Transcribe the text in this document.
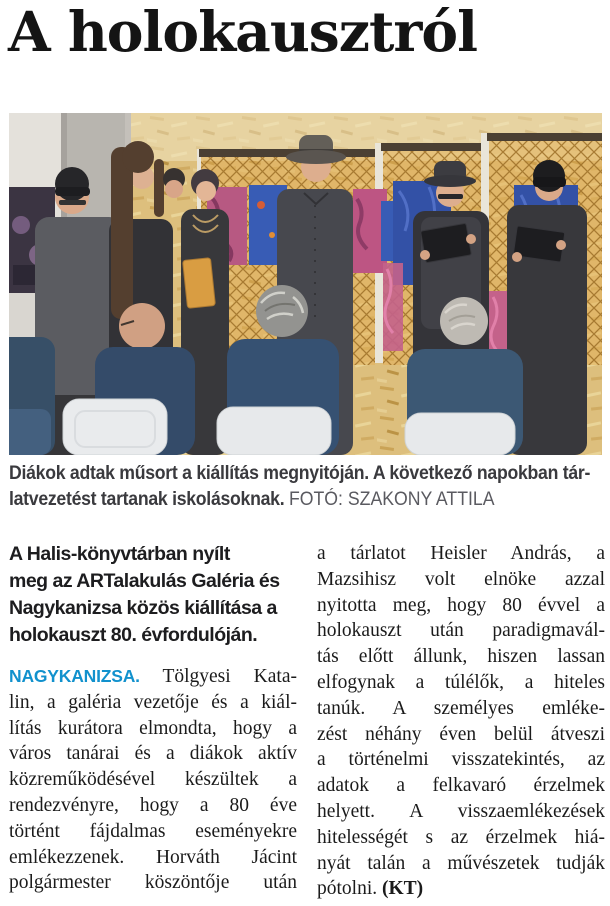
A holokausztról
Diákok adtak műsort a kiállítás megnyitóján. A következő napokban tár-
latvezetést tartanak iskolásoknak. FOTÓ: SZAKONY ATTILA
A Halis-könyvtárban nyílt
meg az ARTalakulás Galéria és
Nagykanizsa közös kiállítása a
holokauszt 80. évfordulóján.
NAGYKANIZSA. Tölgyesi Kata-
lin, a galéria vezetője és a kiál-
lítás kurátora elmondta, hogy a
város tanárai és a diákok aktív
közreműködésével készültek a
rendezvényre, hogy a 80 éve
történt fájdalmas eseményekre
emlékezzenek. Horváth Jácint
polgármester köszöntője után
a tárlatot Heisler András, a
Mazsihisz volt elnöke azzal
nyitotta meg, hogy 80 évvel a
holokauszt után paradigmavál-
tás előtt állunk, hiszen lassan
elfogynak a túlélők, a hiteles
tanúk. A személyes emléke-
zést néhány éven belül átveszi
a történelmi visszatekintés, az
adatok a felkavaró érzelmek
helyett. A visszaemlékezések
hitelességét s az érzelmek hiá-
nyát talán a művészetek tudják
pótolni. (KT)
